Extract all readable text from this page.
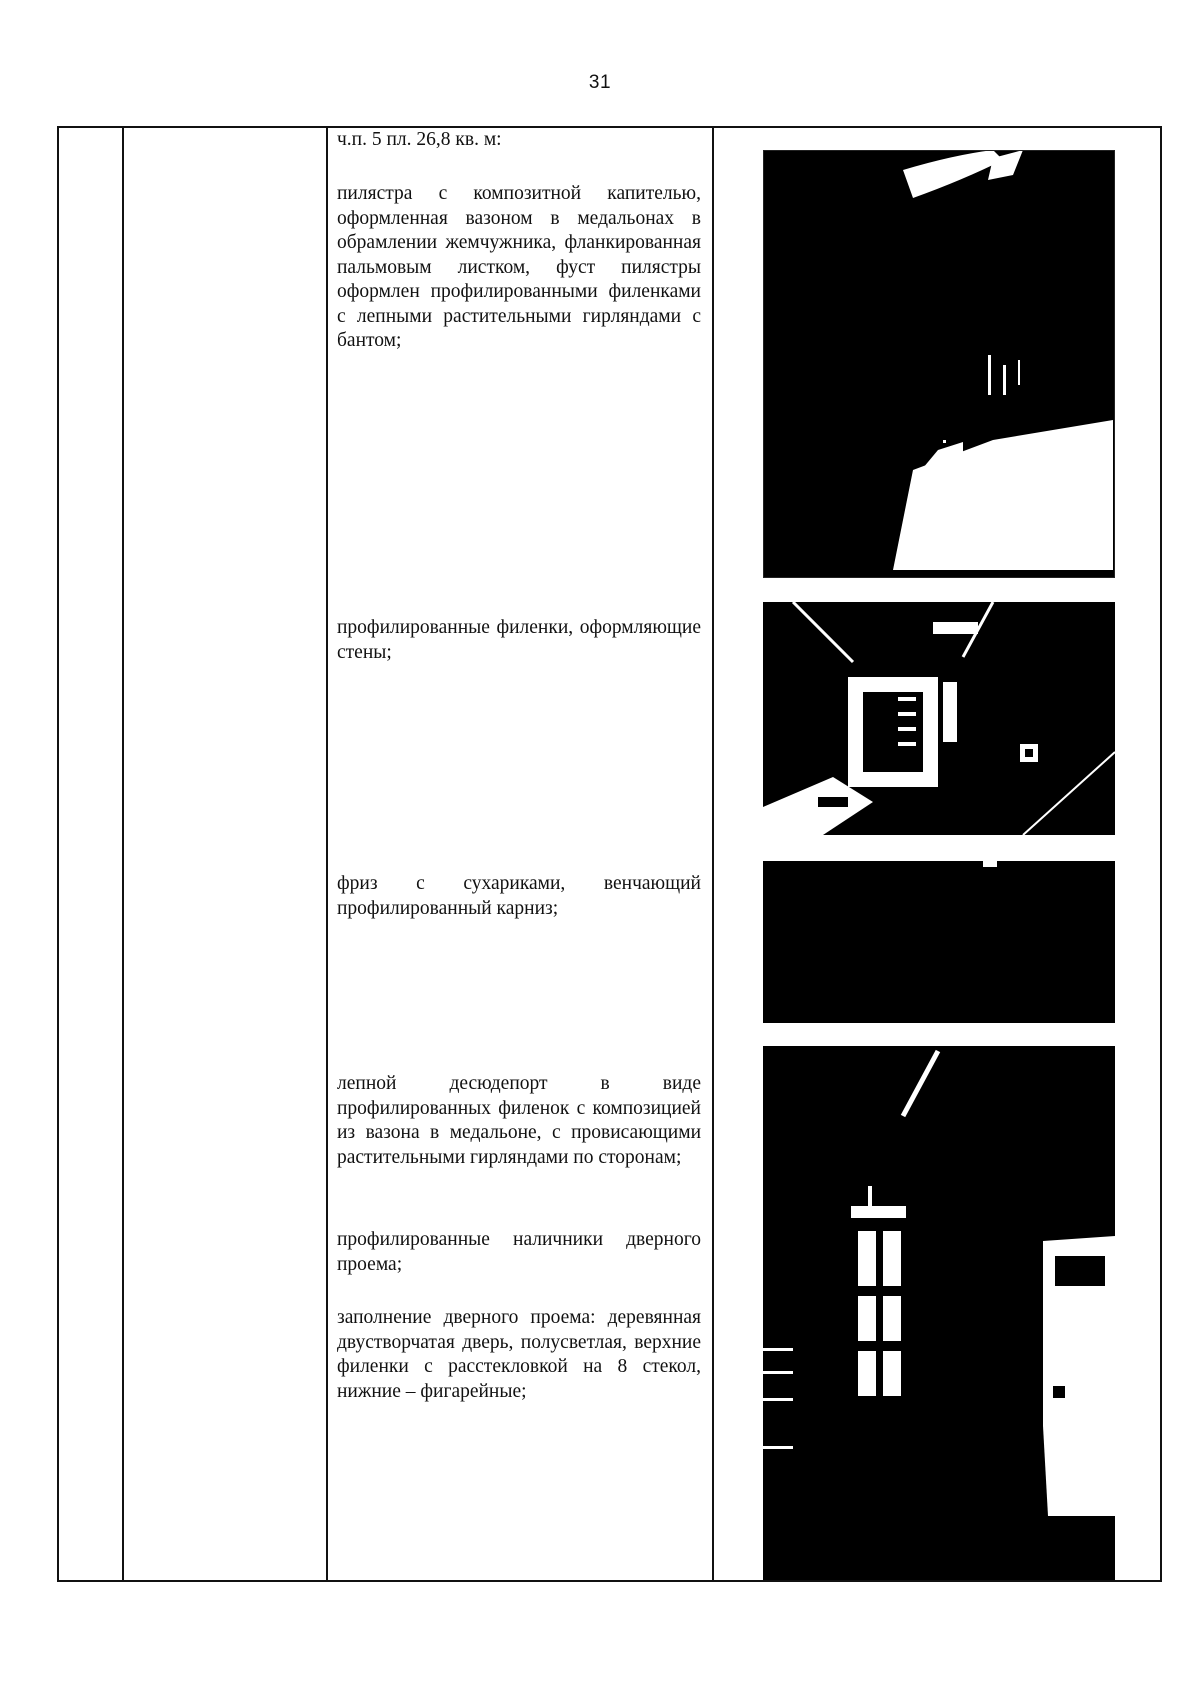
31

ч.п. 5 пл. 26,8 кв. м:

пилястра с композитной капителью, оформленная вазоном в медальонах в обрамлении жемчужника, фланкированная пальмовым листком, фуст пилястры оформлен профилированными филенками с лепными растительными гирляндами с бантом;

профилированные филенки, оформляющие стены;

фриз с сухариками, венчающий профилированный карниз;

лепной десюдепорт в виде профилированных филенок с композицией из вазона в медальоне, с провисающими растительными гирляндами по сторонам;

профилированные наличники дверного проема;

заполнение дверного проема: деревянная двустворчатая дверь, полусветлая, верхние филенки с расстекловкой на 8 стекол, нижние – фигарейные;
